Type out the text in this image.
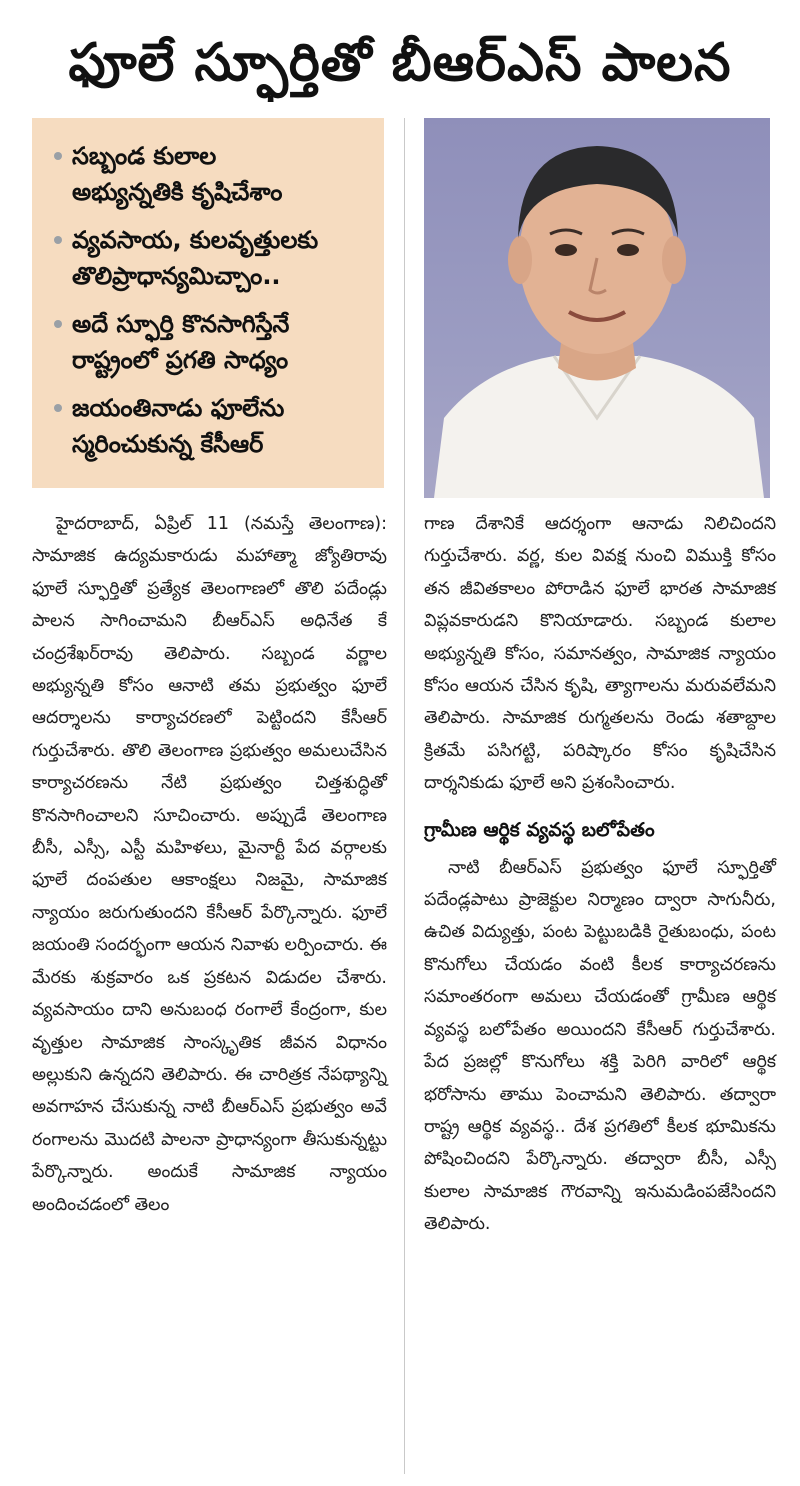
ఫూలే స్ఫూర్తితో బీఆర్ఎస్ పాలన
సబ్బండ కులాల
అభ్యున్నతికి కృషిచేశాం
వ్యవసాయ, కులవృత్తులకు
తొలిప్రాధాన్యమిచ్చాం..
అదే స్ఫూర్తి కొనసాగిస్తేనే
రాష్ట్రంలో ప్రగతి సాధ్యం
జయంతినాడు ఫూలేను
స్మరించుకున్న కేసీఆర్

హైదరాబాద్, ఏప్రిల్ 11 (నమస్తే తెలంగాణ): సామాజిక ఉద్యమకారుడు మహాత్మా జ్యోతిరావు ఫూలే స్ఫూర్తితో ప్రత్యేక తెలంగాణలో తొలి పదేండ్లు పాలన సాగించామని బీఆర్ఎస్ అధినేత కే చంద్రశేఖర్‌రావు తెలిపారు. సబ్బండ వర్ణాల అభ్యున్నతి కోసం ఆనాటి తమ ప్రభుత్వం ఫూలే ఆదర్శాలను కార్యాచరణలో పెట్టిందని కేసీఆర్ గుర్తుచేశారు. తొలి తెలంగాణ ప్రభుత్వం అమలుచేసిన కార్యాచరణను నేటి ప్రభుత్వం చిత్తశుద్ధితో కొనసాగించాలని సూచించారు. అప్పుడే తెలంగాణ బీసీ, ఎస్సీ, ఎస్టీ మహిళలు, మైనార్టీ పేద వర్గాలకు ఫూలే దంపతుల ఆకాంక్షలు నిజమై, సామాజిక న్యాయం జరుగుతుందని కేసీఆర్ పేర్కొన్నారు. ఫూలే జయంతి సందర్భంగా ఆయన నివాళు లర్పించారు. ఈ మేరకు శుక్రవారం ఒక ప్రకటన విడుదల చేశారు. వ్యవసాయం దాని అనుబంధ రంగాలే కేంద్రంగా, కుల వృత్తుల సామాజిక సాంస్కృతిక జీవన విధానం అల్లుకుని ఉన్నదని తెలిపారు. ఈ చారిత్రక నేపథ్యాన్ని అవగాహన చేసుకున్న నాటి బీఆర్ఎస్ ప్రభుత్వం అవే రంగాలను మొదటి పాలనా ప్రాధాన్యంగా తీసుకున్నట్టు పేర్కొన్నారు. అందుకే సామాజిక న్యాయం అందించడంలో తెలం

గాణ దేశానికే ఆదర్శంగా ఆనాడు నిలిచిందని గుర్తుచేశారు. వర్ణ, కుల వివక్ష నుంచి విముక్తి కోసం తన జీవితకాలం పోరాడిన ఫూలే భారత సామాజిక విప్లవకారుడని కొనియాడారు. సబ్బండ కులాల అభ్యున్నతి కోసం, సమానత్వం, సామాజిక న్యాయం కోసం ఆయన చేసిన కృషి, త్యాగాలను మరువలేమని తెలిపారు. సామాజిక రుగ్మతలను రెండు శతాబ్దాల క్రితమే పసిగట్టి, పరిష్కారం కోసం కృషిచేసిన దార్శనికుడు ఫూలే అని ప్రశంసించారు.

గ్రామీణ ఆర్థిక వ్యవస్థ బలోపేతం

నాటి బీఆర్ఎస్ ప్రభుత్వం ఫూలే స్ఫూర్తితో పదేండ్లపాటు ప్రాజెక్టుల నిర్మాణం ద్వారా సాగునీరు, ఉచిత విద్యుత్తు, పంట పెట్టుబడికి రైతుబంధు, పంట కొనుగోలు చేయడం వంటి కీలక కార్యాచరణను సమాంతరంగా అమలు చేయడంతో గ్రామీణ ఆర్థిక వ్యవస్థ బలోపేతం అయిందని కేసీఆర్ గుర్తుచేశారు. పేద ప్రజల్లో కొనుగోలు శక్తి పెరిగి వారిలో ఆర్థిక భరోసాను తాము పెంచామని తెలిపారు. తద్వారా రాష్ట్ర ఆర్థిక వ్యవస్థ.. దేశ ప్రగతిలో కీలక భూమికను పోషించిందని పేర్కొన్నారు. తద్వారా బీసీ, ఎస్సీ కులాల సామాజిక గౌరవాన్ని ఇనుమడింపజేసిందని తెలిపారు.
